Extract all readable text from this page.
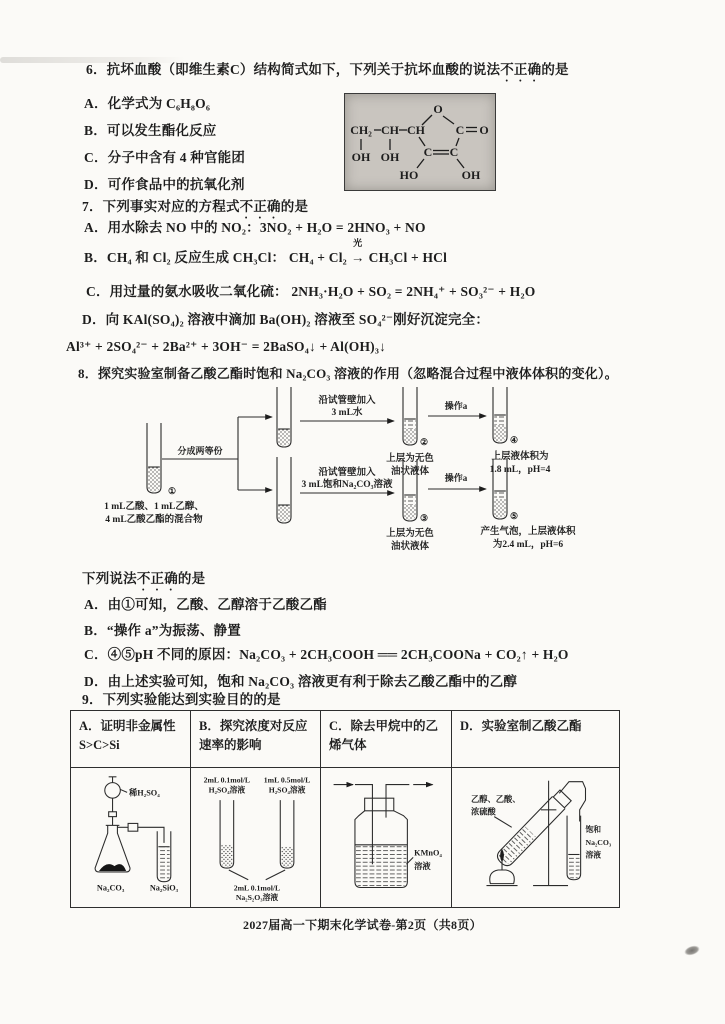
6．抗坏血酸（即维生素C）结构简式如下，下列关于抗坏血酸的说法不正确的是
A．化学式为 C₆H₈O₆
B．可以发生酯化反应
C．分子中含有 4 种官能团
D．可作食品中的抗氧化剂
CH₂ CH CH
OH OH
O
C O
C C
HO	OH
7．下列事实对应的方程式不正确的是
A．用水除去 NO 中的 NO₂：3NO₂ + H₂O = 2HNO₃ + NO
B．CH₄ 和 Cl₂ 反应生成 CH₃Cl： CH₄ + Cl₂
光
→ CH₃Cl + HCl
C．用过量的氨水吸收二氧化硫： 2NH₃·H₂O + SO₂ = 2NH₄⁺ + SO₃²⁻ + H₂O
D．向 KAl(SO₄)₂ 溶液中滴加 Ba(OH)₂ 溶液至 SO₄²⁻刚好沉淀完全：
Al³⁺ + 2SO₄²⁻ + 2Ba²⁺ + 3OH⁻ = 2BaSO₄↓ + Al(OH)₃↓
8．探究实验室制备乙酸乙酯时饱和 Na₂CO₃ 溶液的作用（忽略混合过程中液体体积的变化）。
①
1 mL乙酸、1 mL乙醇、
4 mL乙酸乙酯的混合物
分成两等份
沿试管壁加入
3 mL水
②
上层为无色
油状液体
操作a
④
上层液体积为
1.8 mL，pH=4
沿试管壁加入
3 mL饱和Na₂CO₃溶液
③
上层为无色
油状液体
操作a
⑤
产生气泡，上层液体积
为2.4 mL，pH=6
下列说法不正确的是
A．由①可知，乙酸、乙醇溶于乙酸乙酯
B．“操作 a”为振荡、静置
C．④⑤pH 不同的原因：Na₂CO₃ + 2CH₃COOH ══ 2CH₃COONa + CO₂↑ + H₂O
D．由上述实验可知，饱和 Na₂CO₃ 溶液更有利于除去乙酸乙酯中的乙醇
9．下列实验能达到实验目的的是
A．证明非金属性S>C>Si
B．探究浓度对反应速率的影响
C．除去甲烷中的乙烯气体
D．实验室制乙酸乙酯
稀H₂SO₄
Na₂CO₃	Na₂SiO₃
2mL 0.1mol/L
H₂SO₄溶液
1mL 0.5mol/L
H₂SO₄溶液
2mL 0.1mol/L
Na₂S₂O₃溶液
KMnO₄
溶液
乙醇、乙酸、
浓硫酸
饱和
Na₂CO₃
溶液
2027届高一下期末化学试卷-第2页（共8页）
